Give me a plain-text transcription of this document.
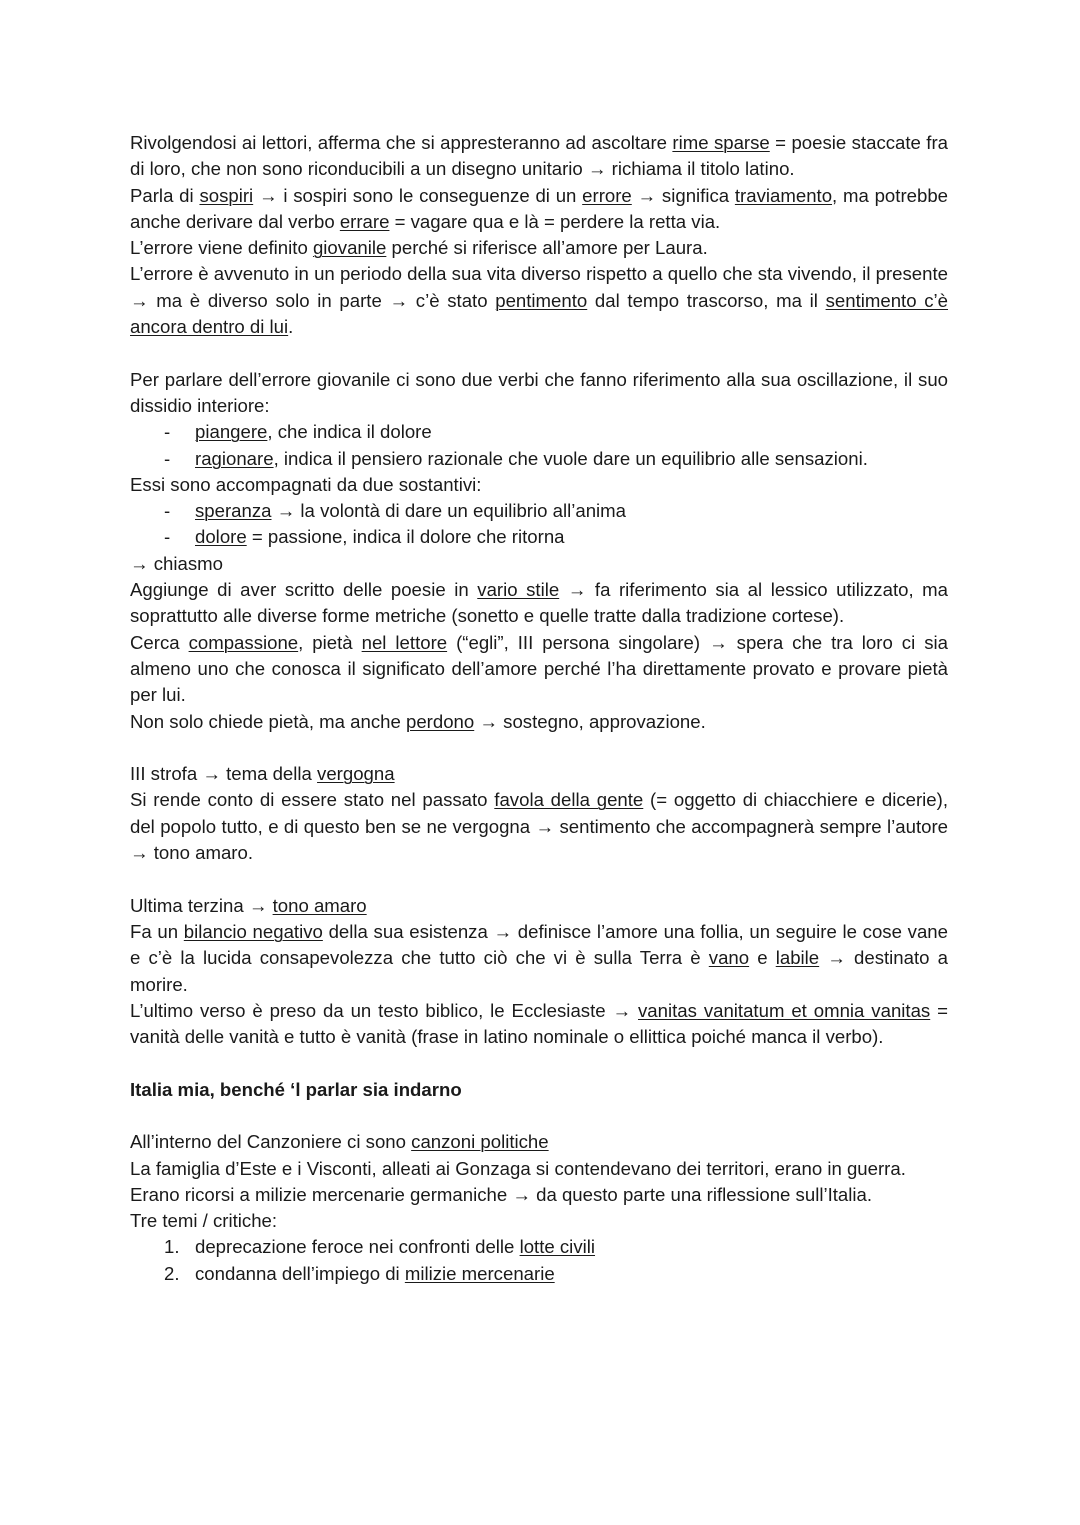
Rivolgendosi ai lettori, afferma che si appresteranno ad ascoltare rime sparse = poesie staccate fra di loro, che non sono riconducibili a un disegno unitario → richiama il titolo latino.

Parla di sospiri → i sospiri sono le conseguenze di un errore → significa traviamento, ma potrebbe anche derivare dal verbo errare = vagare qua e là = perdere la retta via.

L’errore viene definito giovanile perché si riferisce all’amore per Laura.

L’errore è avvenuto in un periodo della sua vita diverso rispetto a quello che sta vivendo, il presente → ma è diverso solo in parte → c’è stato pentimento dal tempo trascorso, ma il sentimento c’è ancora dentro di lui.

Per parlare dell’errore giovanile ci sono due verbi che fanno riferimento alla sua oscillazione, il suo dissidio interiore:

- piangere, che indica il dolore
- ragionare, indica il pensiero razionale che vuole dare un equilibrio alle sensazioni.

Essi sono accompagnati da due sostantivi:

- speranza → la volontà di dare un equilibrio all’anima
- dolore = passione, indica il dolore che ritorna

→ chiasmo

Aggiunge di aver scritto delle poesie in vario stile → fa riferimento sia al lessico utilizzato, ma soprattutto alle diverse forme metriche (sonetto e quelle tratte dalla tradizione cortese).

Cerca compassione, pietà nel lettore (“egli”, III persona singolare) → spera che tra loro ci sia almeno uno che conosca il significato dell’amore perché l’ha direttamente provato e provare pietà per lui.

Non solo chiede pietà, ma anche perdono → sostegno, approvazione.

III strofa → tema della vergogna

Si rende conto di essere stato nel passato favola della gente (= oggetto di chiacchiere e dicerie), del popolo tutto, e di questo ben se ne vergogna → sentimento che accompagnerà sempre l’autore → tono amaro.

Ultima terzina → tono amaro

Fa un bilancio negativo della sua esistenza → definisce l’amore una follia, un seguire le cose vane e c’è la lucida consapevolezza che tutto ciò che vi è sulla Terra è vano e labile → destinato a morire.

L’ultimo verso è preso da un testo biblico, le Ecclesiaste → vanitas vanitatum et omnia vanitas = vanità delle vanità e tutto è vanità (frase in latino nominale o ellittica poiché manca il verbo).

Italia mia, benché ‘l parlar sia indarno

All’interno del Canzoniere ci sono canzoni politiche

La famiglia d’Este e i Visconti, alleati ai Gonzaga si contendevano dei territori, erano in guerra.

Erano ricorsi a milizie mercenarie germaniche → da questo parte una riflessione sull’Italia.

Tre temi / critiche:

1. deprecazione feroce nei confronti delle lotte civili
2. condanna dell’impiego di milizie mercenarie
